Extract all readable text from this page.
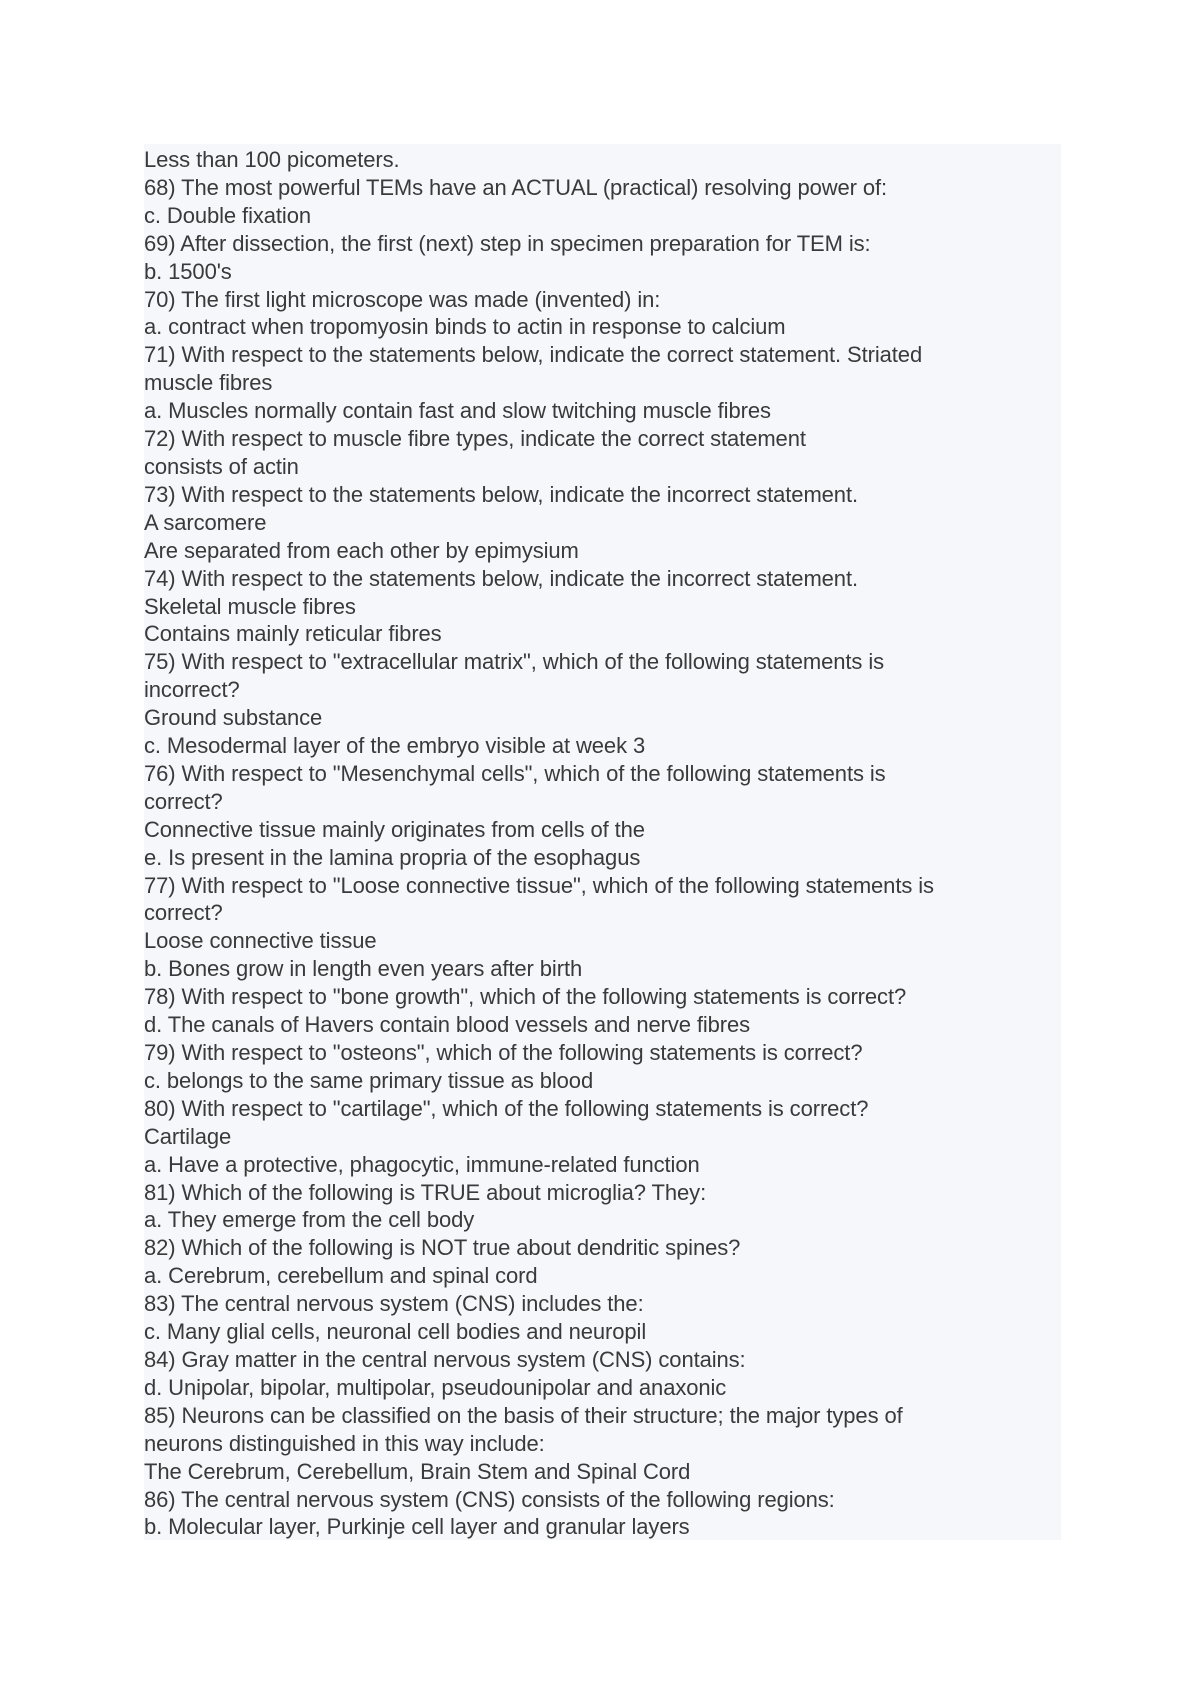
Less than 100 picometers.
68) The most powerful TEMs have an ACTUAL (practical) resolving power of:
c. Double fixation
69) After dissection, the first (next) step in specimen preparation for TEM is:
b. 1500's
70) The first light microscope was made (invented) in:
a. contract when tropomyosin binds to actin in response to calcium
71) With respect to the statements below, indicate the correct statement. Striated
muscle fibres
a. Muscles normally contain fast and slow twitching muscle fibres
72) With respect to muscle fibre types, indicate the correct statement
consists of actin
73) With respect to the statements below, indicate the incorrect statement.
A sarcomere
Are separated from each other by epimysium
74) With respect to the statements below, indicate the incorrect statement.
Skeletal muscle fibres
Contains mainly reticular fibres
75) With respect to "extracellular matrix", which of the following statements is
incorrect?
Ground substance
c. Mesodermal layer of the embryo visible at week 3
76) With respect to "Mesenchymal cells", which of the following statements is
correct?
Connective tissue mainly originates from cells of the
e. Is present in the lamina propria of the esophagus
77) With respect to "Loose connective tissue", which of the following statements is
correct?
Loose connective tissue
b. Bones grow in length even years after birth
78) With respect to "bone growth", which of the following statements is correct?
d. The canals of Havers contain blood vessels and nerve fibres
79) With respect to "osteons", which of the following statements is correct?
c. belongs to the same primary tissue as blood
80) With respect to "cartilage", which of the following statements is correct?
Cartilage
a. Have a protective, phagocytic, immune-related function
81) Which of the following is TRUE about microglia? They:
a. They emerge from the cell body
82) Which of the following is NOT true about dendritic spines?
a. Cerebrum, cerebellum and spinal cord
83) The central nervous system (CNS) includes the:
c. Many glial cells, neuronal cell bodies and neuropil
84) Gray matter in the central nervous system (CNS) contains:
d. Unipolar, bipolar, multipolar, pseudounipolar and anaxonic
85) Neurons can be classified on the basis of their structure; the major types of
neurons distinguished in this way include:
The Cerebrum, Cerebellum, Brain Stem and Spinal Cord
86) The central nervous system (CNS) consists of the following regions:
b. Molecular layer, Purkinje cell layer and granular layers
